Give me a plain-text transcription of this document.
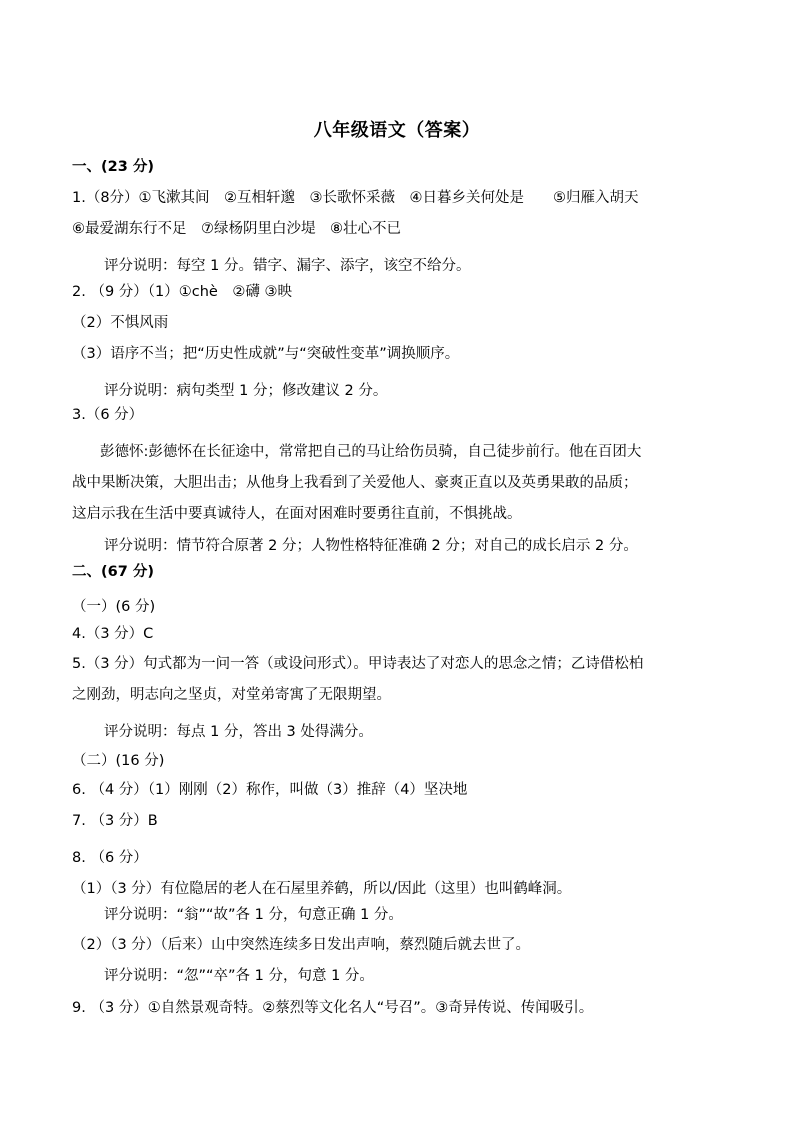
八年级语文（答案）
一、(23 分)
1.（8分）①飞漱其间　②互相轩邈　③长歌怀采薇　④日暮乡关何处是　　⑤归雁入胡天
⑥最爱湖东行不足　⑦绿杨阴里白沙堤　⑧壮心不已
评分说明：每空 1 分。错字、漏字、添字，该空不给分。
2. （9 分）（1）①chè　②礴 ③映
（2）不惧风雨
（3）语序不当；把“历史性成就”与“突破性变革”调换顺序。
评分说明：病句类型 1 分；修改建议 2 分。
3.（6 分）
彭德怀:彭德怀在长征途中，常常把自己的马让给伤员骑，自己徒步前行。他在百团大
战中果断决策，大胆出击；从他身上我看到了关爱他人、豪爽正直以及英勇果敢的品质；
这启示我在生活中要真诚待人，在面对困难时要勇往直前，不惧挑战。
评分说明：情节符合原著 2 分；人物性格特征准确 2 分；对自己的成长启示 2 分。
二、(67 分)
（一）(6 分)
4.（3 分）C
5.（3 分）句式都为一问一答（或设问形式）。甲诗表达了对恋人的思念之情；乙诗借松柏
之刚劲，明志向之坚贞，对堂弟寄寓了无限期望。
评分说明：每点 1 分，答出 3 处得满分。
（二）(16 分)
6. （4 分）（1）刚刚（2）称作，叫做（3）推辞（4）坚决地
7. （3 分）B
8. （6 分）
（1）（3 分）有位隐居的老人在石屋里养鹤，所以/因此（这里）也叫鹤峰洞。
评分说明：“翁”“故”各 1 分，句意正确 1 分。
（2）（3 分）（后来）山中突然连续多日发出声响，蔡烈随后就去世了。
评分说明：“忽”“卒”各 1 分，句意 1 分。
9. （3 分）①自然景观奇特。②蔡烈等文化名人“号召”。③奇异传说、传闻吸引。
